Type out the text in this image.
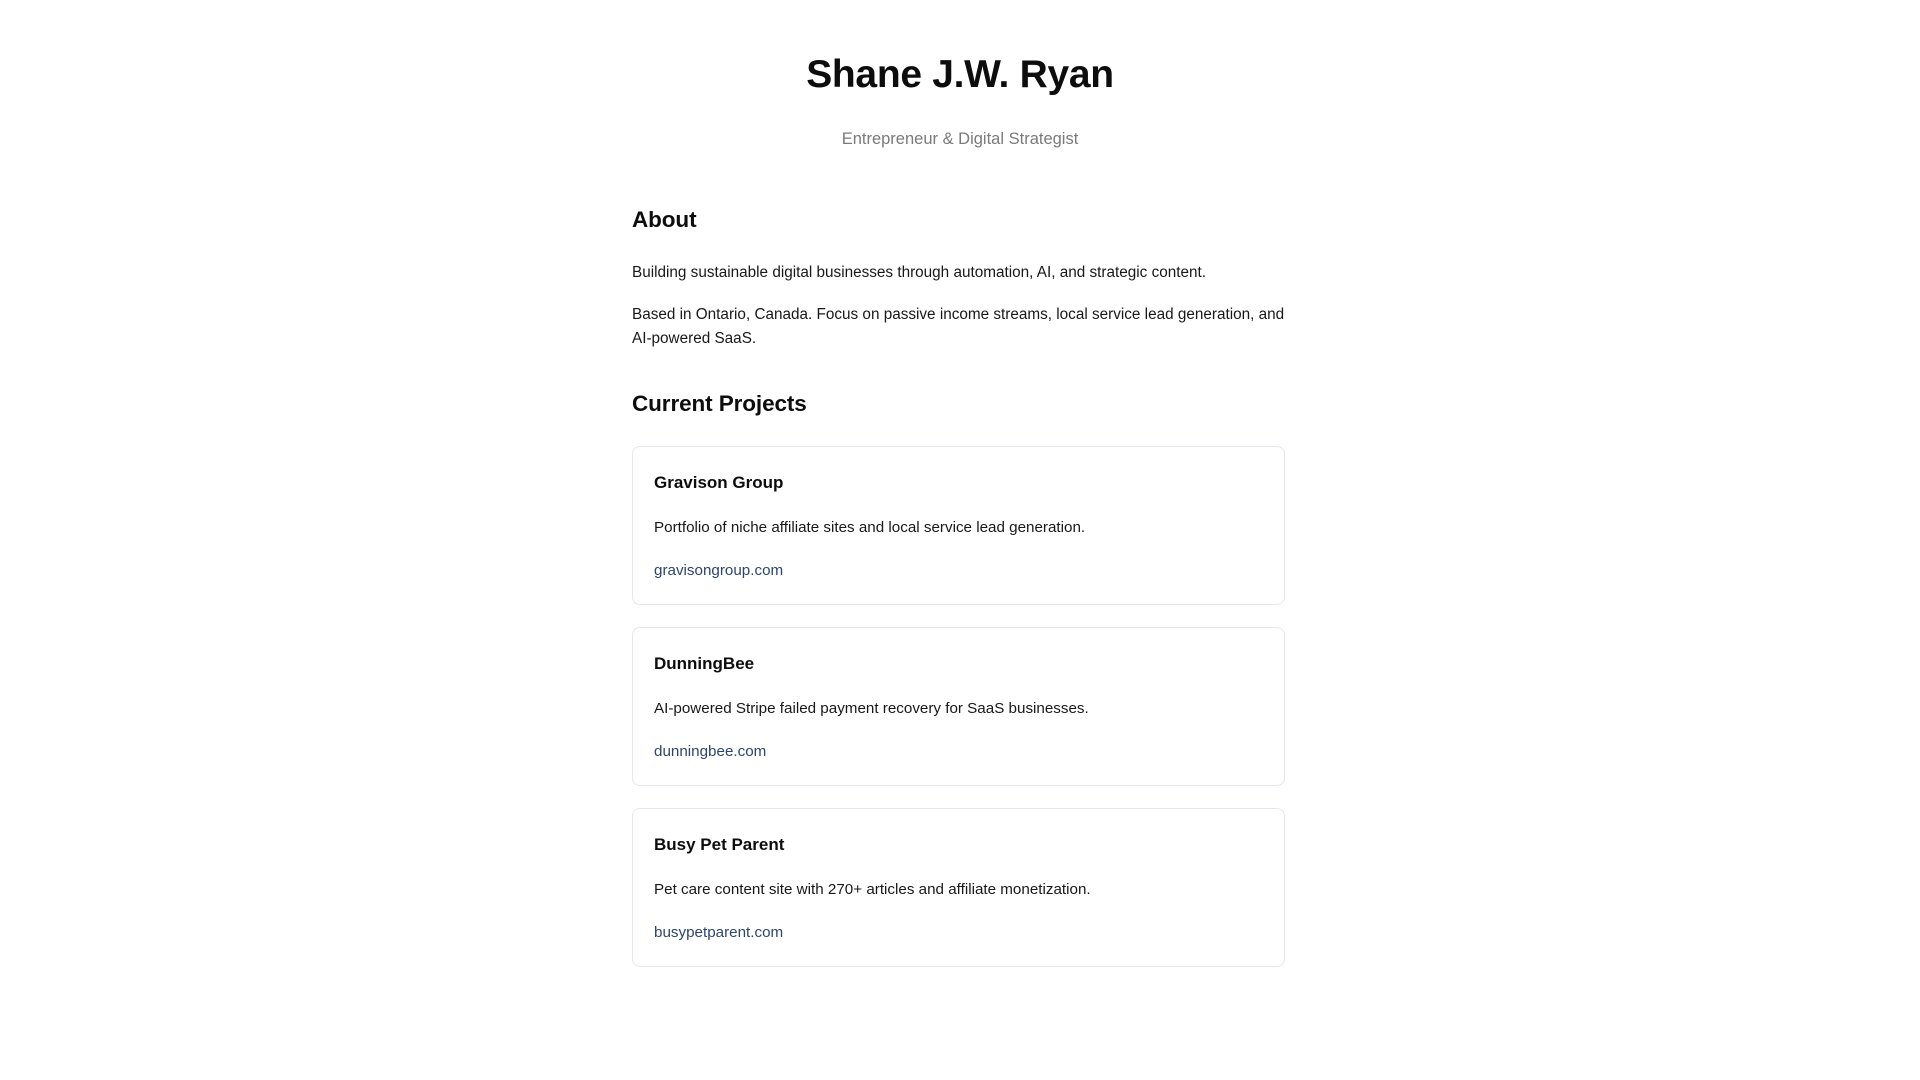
Shane J.W. Ryan

Entrepreneur & Digital Strategist

About

Building sustainable digital businesses through automation, AI, and strategic content.

Based in Ontario, Canada. Focus on passive income streams, local service lead generation, and AI-powered SaaS.

Current Projects
Gravison Group

Portfolio of niche affiliate sites and local service lead generation.

gravisongroup.com
DunningBee

AI-powered Stripe failed payment recovery for SaaS businesses.

dunningbee.com
Busy Pet Parent

Pet care content site with 270+ articles and affiliate monetization.

busypetparent.com
